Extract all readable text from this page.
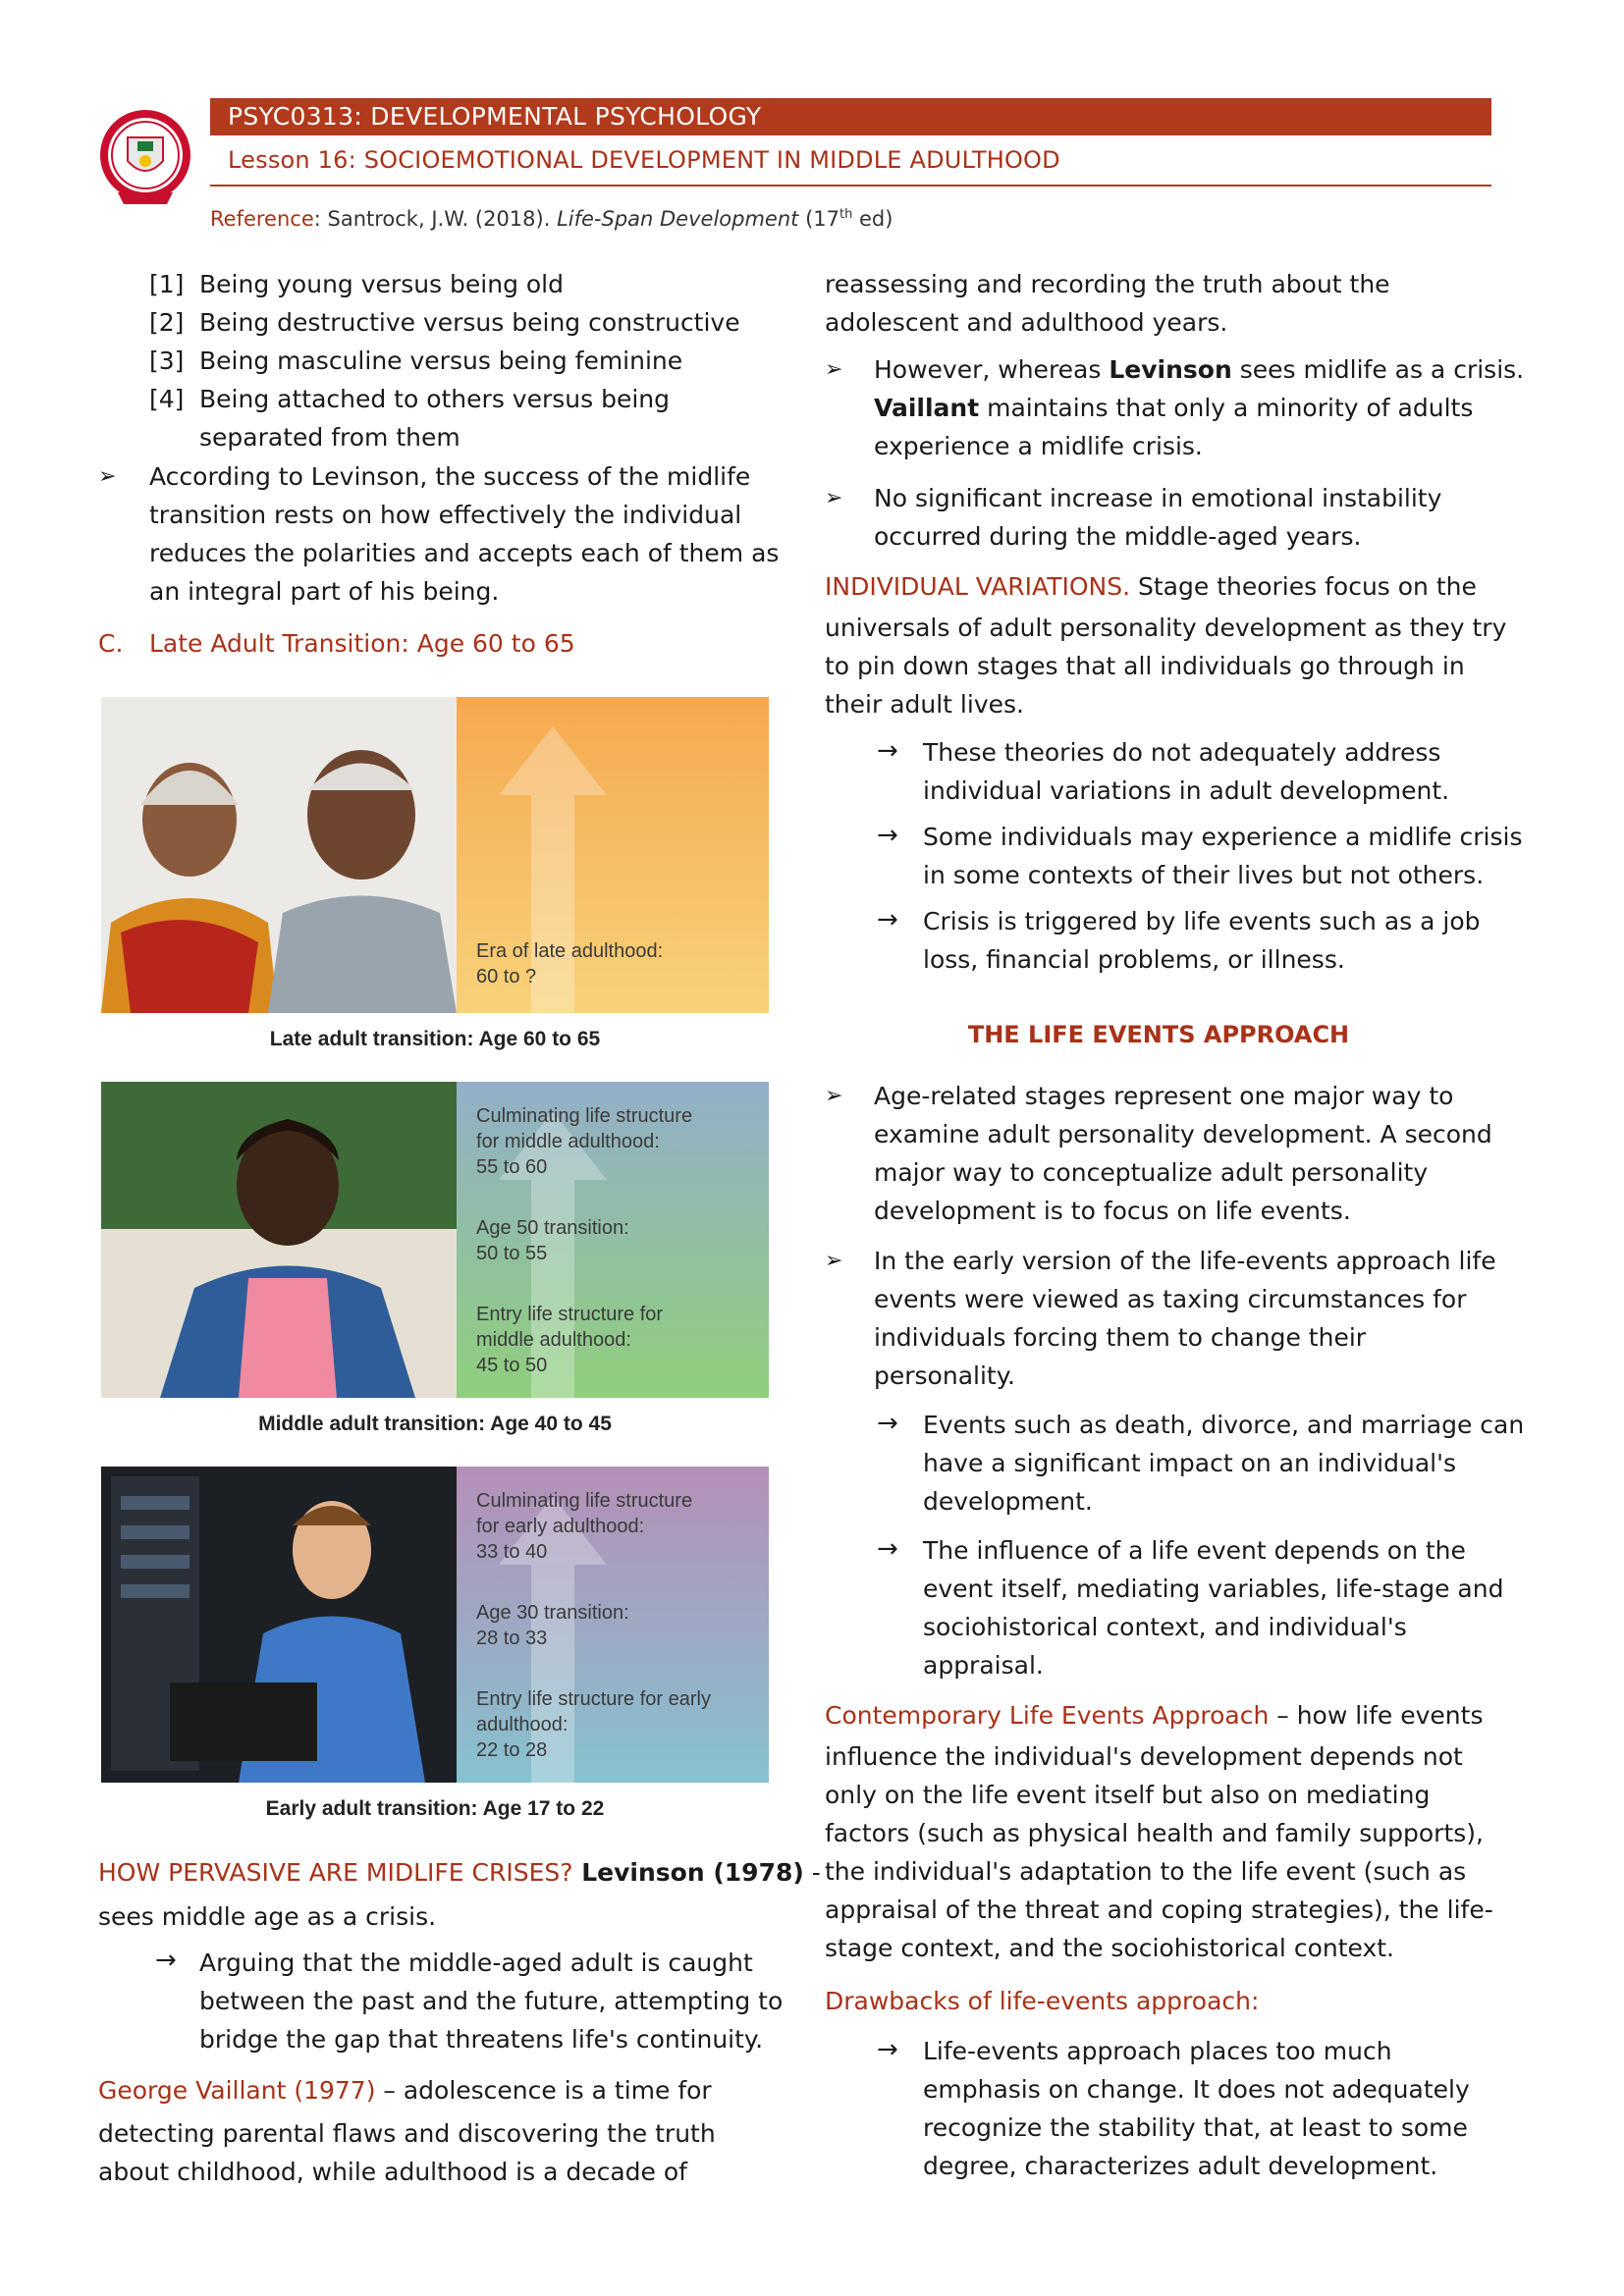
PSYC0313: DEVELOPMENTAL PSYCHOLOGY
Lesson 16: SOCIOEMOTIONAL DEVELOPMENT IN MIDDLE ADULTHOOD
Reference: Santrock, J.W. (2018). Life-Span Development (17th ed)
[1] Being young versus being old
[2] Being destructive versus being constructive
[3] Being masculine versus being feminine
[4] Being attached to others versus being
separated from them
➢ According to Levinson, the success of the midlife
transition rests on how effectively the individual
reduces the polarities and accepts each of them as
an integral part of his being.
C. Late Adult Transition: Age 60 to 65
Era of late adulthood:
60 to ?
Late adult transition: Age 60 to 65
Culminating life structure
for middle adulthood:
55 to 60
Age 50 transition:
50 to 55
Entry life structure for
middle adulthood:
45 to 50
Middle adult transition: Age 40 to 45
Culminating life structure
for early adulthood:
33 to 40
Age 30 transition:
28 to 33
Entry life structure for early
adulthood:
22 to 28
Early adult transition: Age 17 to 22
HOW PERVASIVE ARE MIDLIFE CRISES? Levinson (1978) -
sees middle age as a crisis.
→ Arguing that the middle-aged adult is caught
between the past and the future, attempting to
bridge the gap that threatens life's continuity.
George Vaillant (1977) – adolescence is a time for
detecting parental flaws and discovering the truth
about childhood, while adulthood is a decade of
reassessing and recording the truth about the
adolescent and adulthood years.
➢ However, whereas Levinson sees midlife as a crisis.
Vaillant maintains that only a minority of adults
experience a midlife crisis.
➢ No significant increase in emotional instability
occurred during the middle-aged years.
INDIVIDUAL VARIATIONS. Stage theories focus on the
universals of adult personality development as they try
to pin down stages that all individuals go through in
their adult lives.
→ These theories do not adequately address
individual variations in adult development.
→ Some individuals may experience a midlife crisis
in some contexts of their lives but not others.
→ Crisis is triggered by life events such as a job
loss, financial problems, or illness.
THE LIFE EVENTS APPROACH
➢ Age-related stages represent one major way to
examine adult personality development. A second
major way to conceptualize adult personality
development is to focus on life events.
➢ In the early version of the life-events approach life
events were viewed as taxing circumstances for
individuals forcing them to change their
personality.
→ Events such as death, divorce, and marriage can
have a significant impact on an individual's
development.
→ The influence of a life event depends on the
event itself, mediating variables, life-stage and
sociohistorical context, and individual's
appraisal.
Contemporary Life Events Approach – how life events
influence the individual's development depends not
only on the life event itself but also on mediating
factors (such as physical health and family supports),
the individual's adaptation to the life event (such as
appraisal of the threat and coping strategies), the life-
stage context, and the sociohistorical context.
Drawbacks of life-events approach:
→ Life-events approach places too much
emphasis on change. It does not adequately
recognize the stability that, at least to some
degree, characterizes adult development.
